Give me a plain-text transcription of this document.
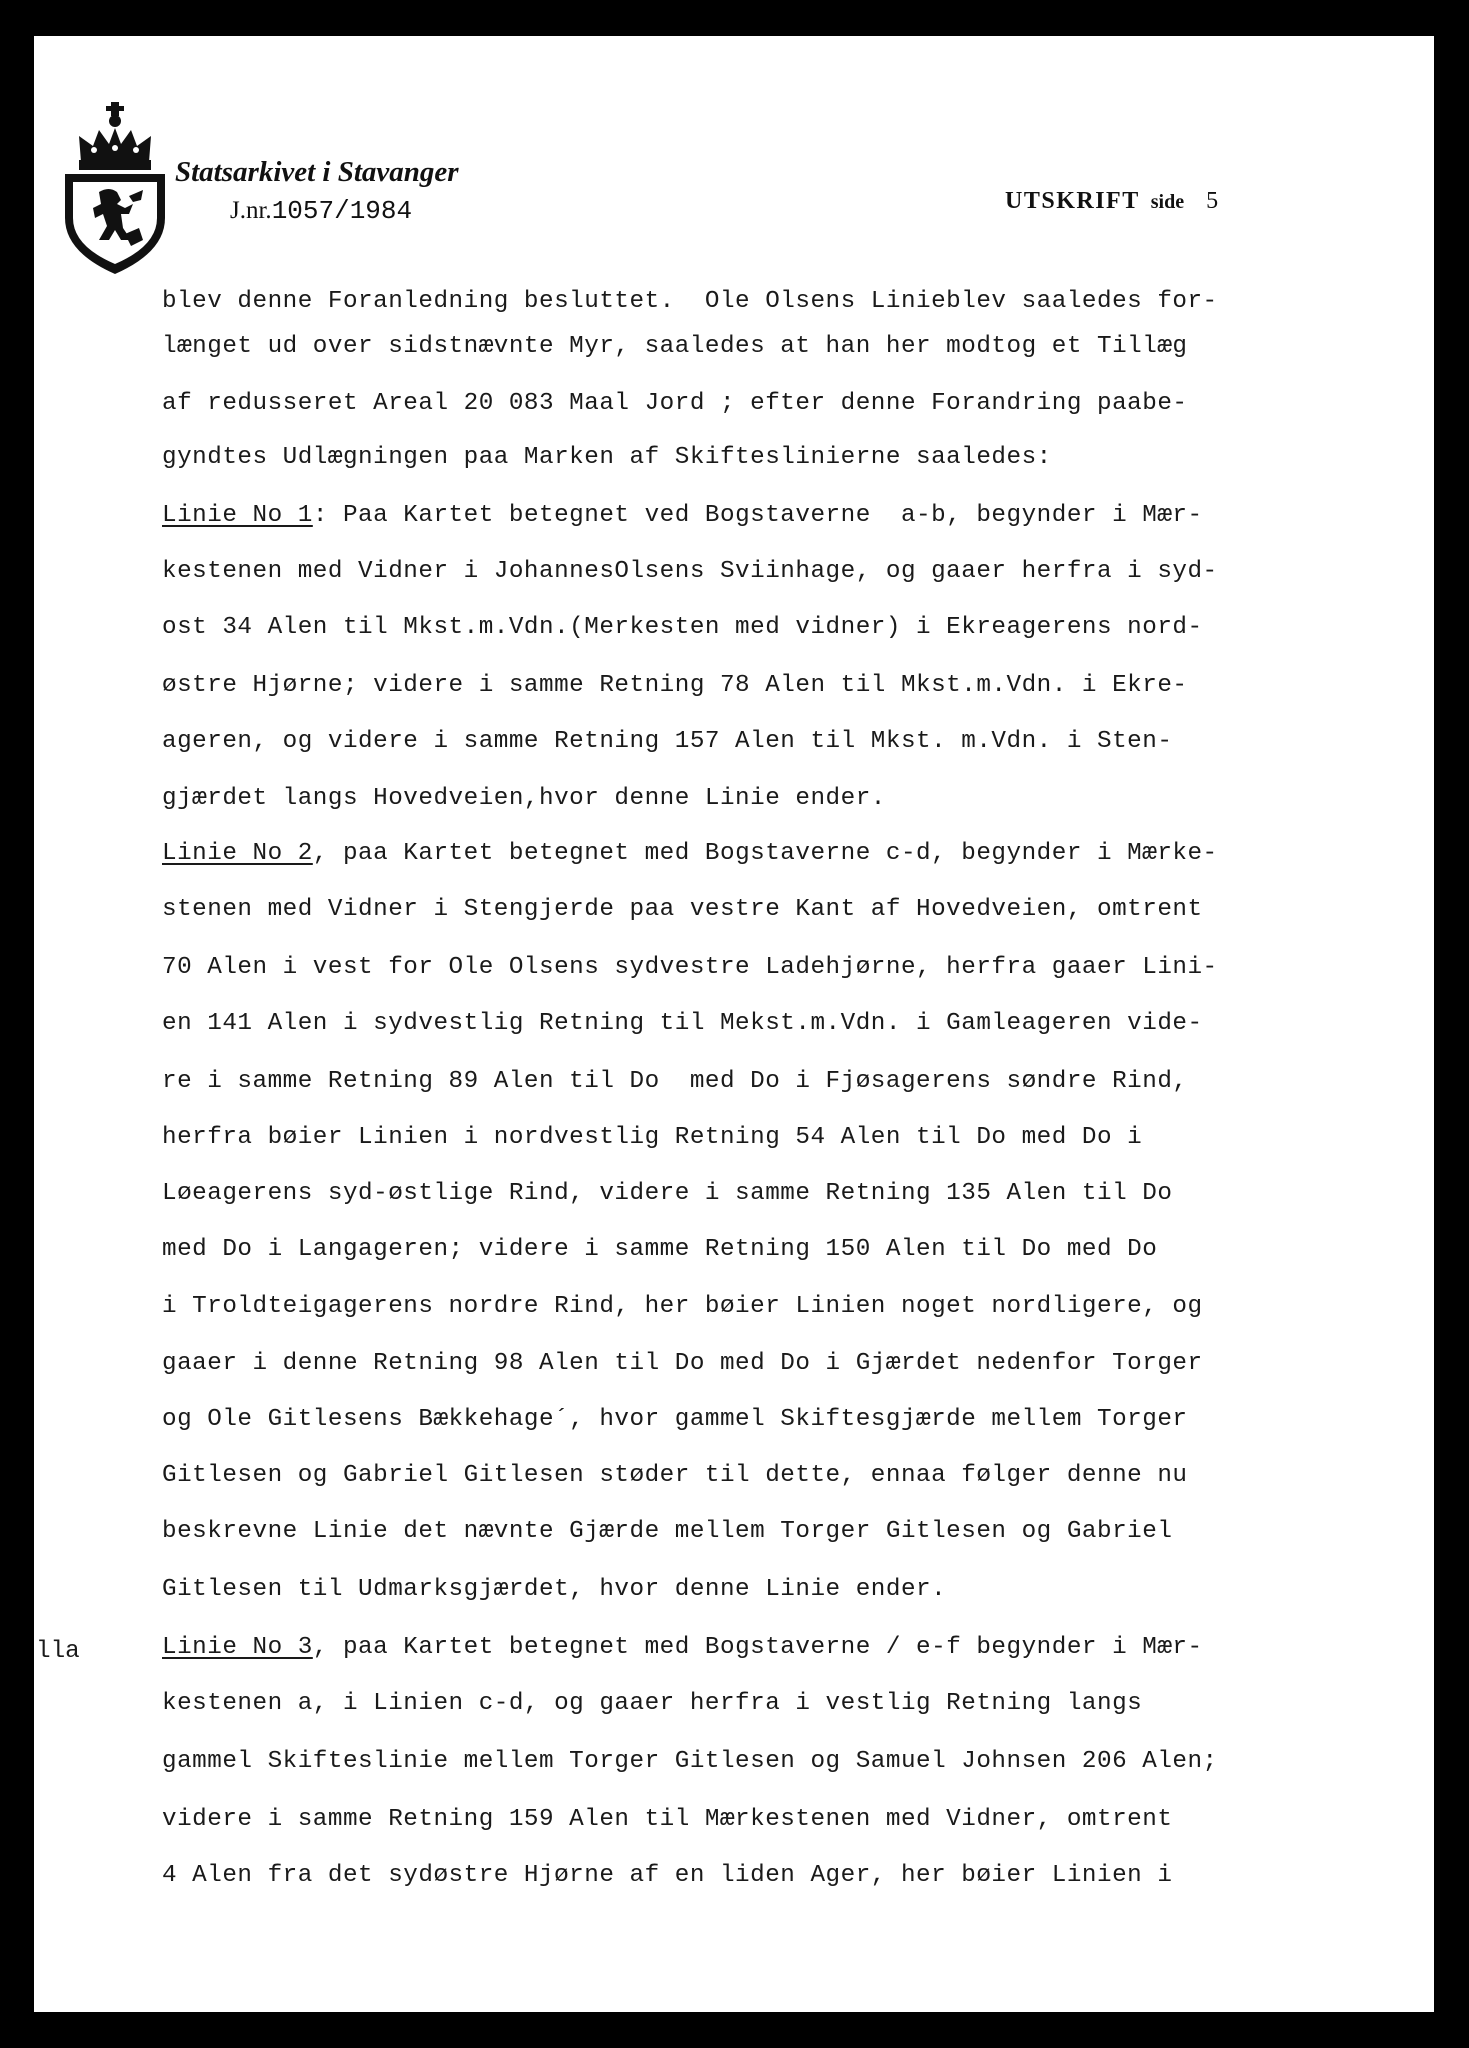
Statsarkivet i Stavanger
J.nr.1057/1984	UTSKRIFT side 5
lla
blev denne Foranledning besluttet.  Ole Olsens Linieblev saaledes for-
længet ud over sidstnævnte Myr, saaledes at han her modtog et Tillæg
af redusseret Areal 20 083 Maal Jord ; efter denne Forandring paabe-
gyndtes Udlægningen paa Marken af Skifteslinierne saaledes:
Linie No 1: Paa Kartet betegnet ved Bogstaverne  a-b, begynder i Mær-
kestenen med Vidner i JohannesOlsens Sviinhage, og gaaer herfra i syd-
ost 34 Alen til Mkst.m.Vdn.(Merkesten med vidner) i Ekreagerens nord-
østre Hjørne; videre i samme Retning 78 Alen til Mkst.m.Vdn. i Ekre-
ageren, og videre i samme Retning 157 Alen til Mkst. m.Vdn. i Sten-
gjærdet langs Hovedveien,hvor denne Linie ender.
Linie No 2, paa Kartet betegnet med Bogstaverne c-d, begynder i Mærke-
stenen med Vidner i Stengjerde paa vestre Kant af Hovedveien, omtrent
70 Alen i vest for Ole Olsens sydvestre Ladehjørne, herfra gaaer Lini-
en 141 Alen i sydvestlig Retning til Mekst.m.Vdn. i Gamleageren vide-
re i samme Retning 89 Alen til Do  med Do i Fjøsagerens søndre Rind,
herfra bøier Linien i nordvestlig Retning 54 Alen til Do med Do i
Løeagerens syd-østlige Rind, videre i samme Retning 135 Alen til Do
med Do i Langageren; videre i samme Retning 150 Alen til Do med Do
i Troldteigagerens nordre Rind, her bøier Linien noget nordligere, og
gaaer i denne Retning 98 Alen til Do med Do i Gjærdet nedenfor Torger
og Ole Gitlesens Bækkehage´, hvor gammel Skiftesgjærde mellem Torger
Gitlesen og Gabriel Gitlesen støder til dette, ennaa følger denne nu
beskrevne Linie det nævnte Gjærde mellem Torger Gitlesen og Gabriel
Gitlesen til Udmarksgjærdet, hvor denne Linie ender.
Linie No 3, paa Kartet betegnet med Bogstaverne / e-f begynder i Mær-
kestenen a, i Linien c-d, og gaaer herfra i vestlig Retning langs
gammel Skifteslinie mellem Torger Gitlesen og Samuel Johnsen 206 Alen;
videre i samme Retning 159 Alen til Mærkestenen med Vidner, omtrent
4 Alen fra det sydøstre Hjørne af en liden Ager, her bøier Linien i
